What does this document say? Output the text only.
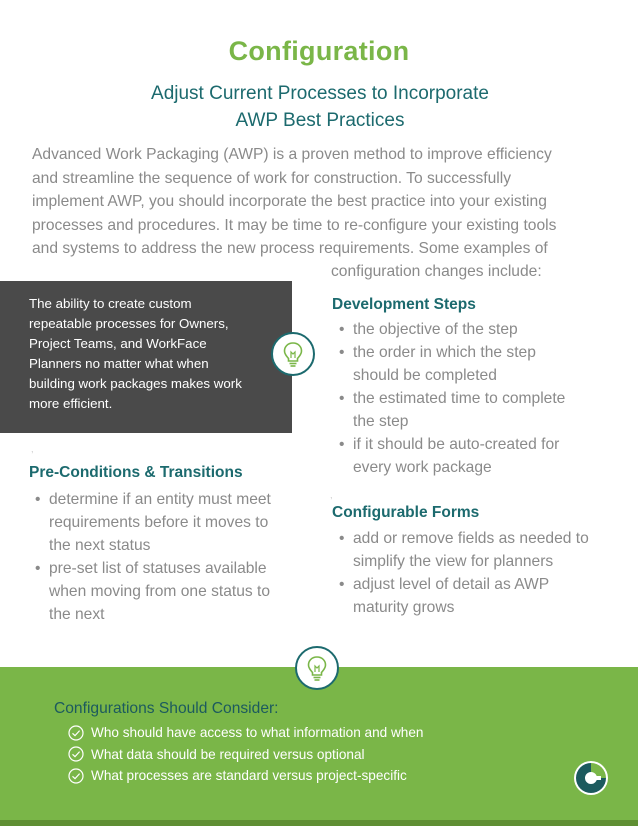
Configuration
Adjust Current Processes to Incorporate
AWP Best Practices
Advanced Work Packaging (AWP) is a proven method to improve efficiency
and streamline the sequence of work for construction. To successfully
implement AWP, you should incorporate the best practice into your existing
processes and procedures. It may be time to re-configure your existing tools
and systems to address the new process requirements. Some examples of
configuration changes include:
The ability to create custom
repeatable processes for Owners,
Project Teams, and WorkFace
Planners no matter what when
building work packages makes work
more efficient.
Development Steps
• the objective of the step
• the order in which the step
should be completed
• the estimated time to complete
the step
• if it should be auto-created for
every work package
,
Pre-Conditions & Transitions
• determine if an entity must meet
requirements before it moves to
the next status
• pre-set list of statuses available
when moving from one status to
the next
,
Configurable Forms
• add or remove fields as needed to
simplify the view for planners
• adjust level of detail as AWP
maturity grows
Configurations Should Consider:
Who should have access to what information and when
What data should be required versus optional
What processes are standard versus project-specific
